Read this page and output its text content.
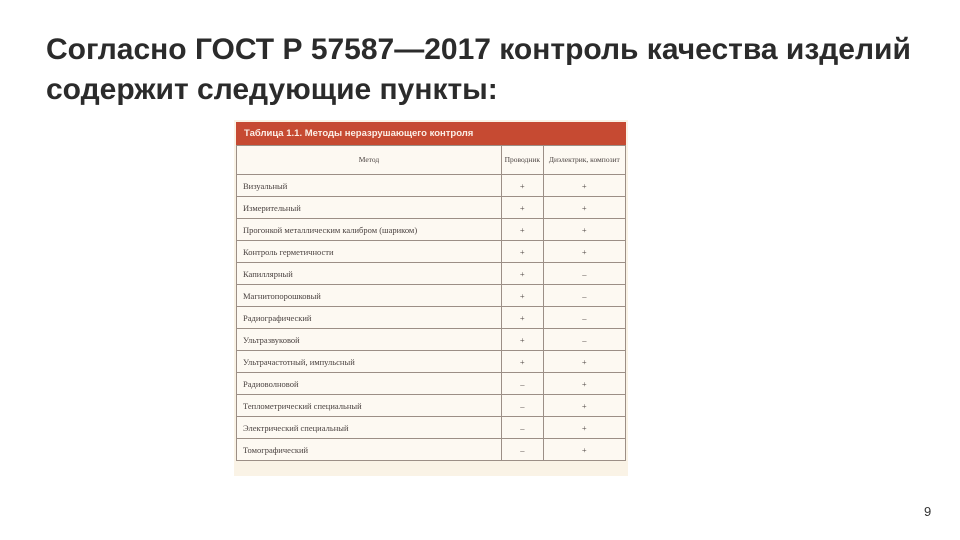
Согласно ГОСТ Р 57587—2017 контроль качества изделий содержит следующие пункты:
Таблица 1.1. Методы неразрушающего контроля
Метод	Проводник	Диэлектрик, композит
Визуальный	+	+
Измерительный	+	+
Прогонкой металлическим калибром (шариком)	+	+
Контроль герметичности	+	+
Капиллярный	+	–
Магнитопорошковый	+	–
Радиографический	+	–
Ультразвуковой	+	–
Ультрачастотный, импульсный	+	+
Радиоволновой	–	+
Теплометрический специальный	–	+
Электрический специальный	–	+
Томографический	–	+
9
